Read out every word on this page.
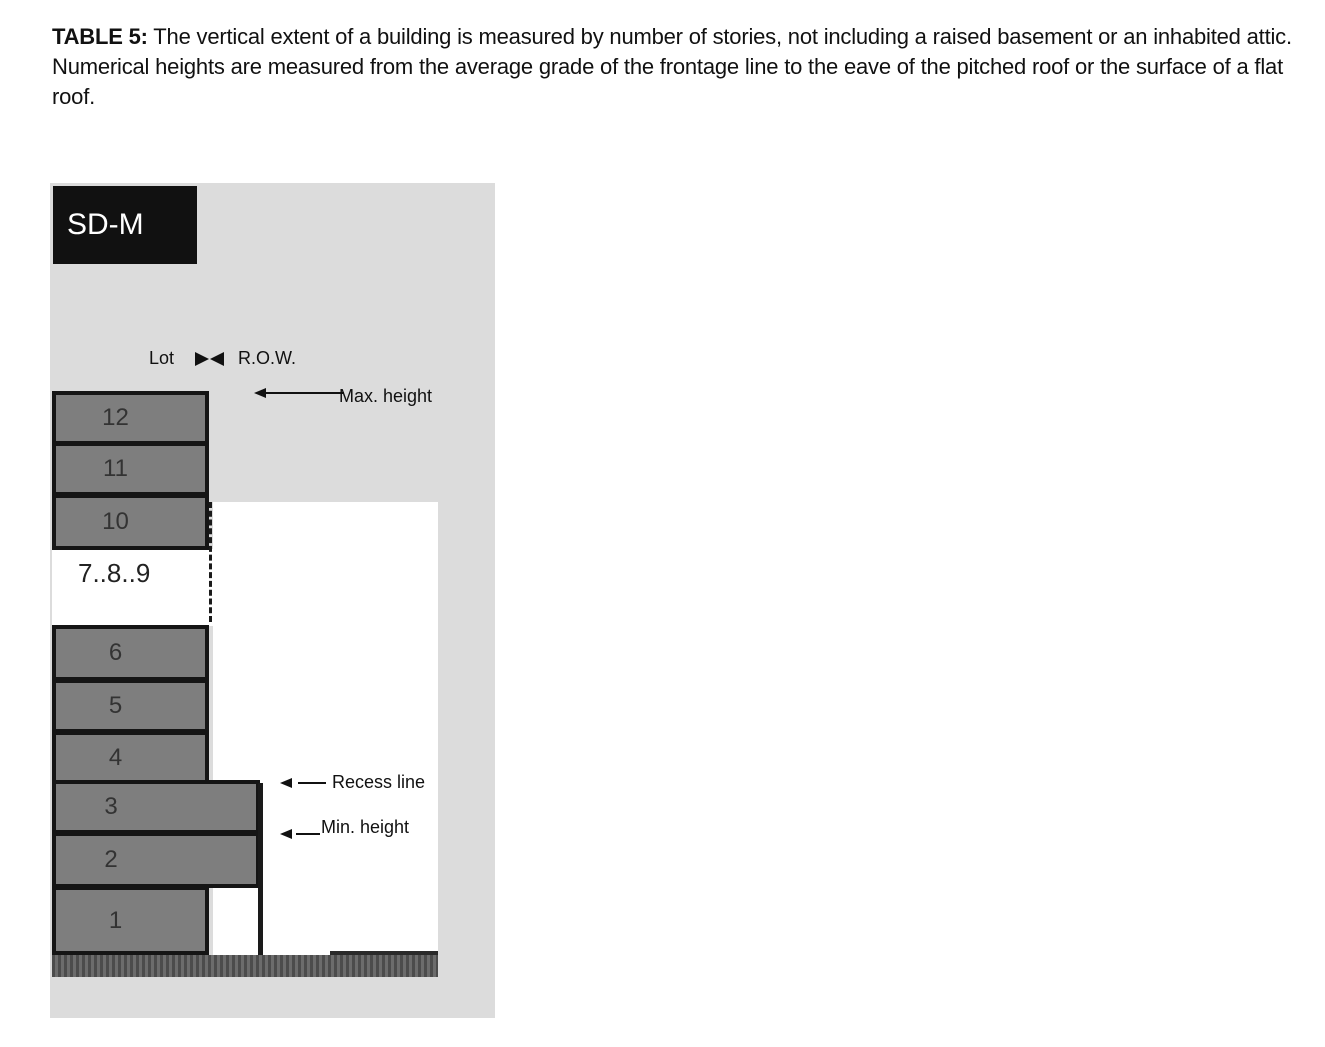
TABLE 5: The vertical extent of a building is measured by number of stories, not including a raised basement or an inhabited attic. Numerical heights are measured from the average grade of the frontage line to the eave of the pitched roof or the surface of a flat roof.
SD-M
Lot	R.O.W.
Max. height
12
11
10
7..8..9
6
5
4
3
2
1
Recess line
Min. height
